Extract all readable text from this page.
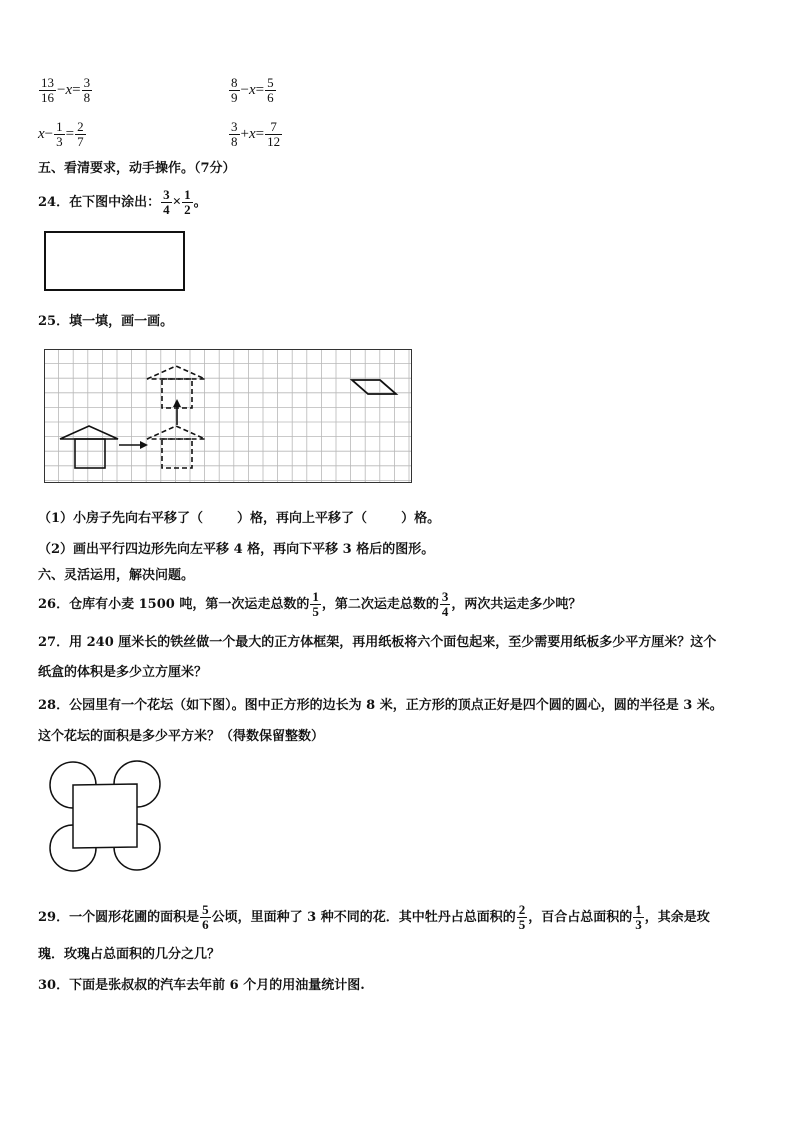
$\frac{13}{16} -x= \frac{3}{8}$	$\frac{8}{9} -x= \frac{5}{6}$
$x- \frac{1}{3} = \frac{2}{7}$	$\frac{3}{8} +x= \frac{7}{12}$
五、看清要求，动手操作。（7分）
24．在下图中涂出： $\frac{3}{4} \times \frac{1}{2}$ 。
25．填一填，画一画。
（1）小房子先向右平移了（	）格，再向上平移了（	）格。
（2）画出平行四边形先向左平移 4 格，再向下平移 3 格后的图形。
六、灵活运用，解决问题。
26．仓库有小麦 1500 吨，第一次运走总数的 $\frac{1}{5}$ ，第二次运走总数的 $\frac{3}{4}$ ，两次共运走多少吨？
27．用 240 厘米长的铁丝做一个最大的正方体框架，再用纸板将六个面包起来，至少需要用纸板多少平方厘米？这个
纸盒的体积是多少立方厘米？
28．公园里有一个花坛（如下图）。图中正方形的边长为 8 米，正方形的顶点正好是四个圆的圆心，圆的半径是 3 米。
这个花坛的面积是多少平方米？（得数保留整数）
29．一个圆形花圃的面积是 $\frac{5}{6}$ 公顷，里面种了 3 种不同的花．其中牡丹占总面积的 $\frac{2}{5}$ ，百合占总面积的 $\frac{1}{3}$ ，其余是玫
瑰．玫瑰占总面积的几分之几？
30．下面是张叔叔的汽车去年前 6 个月的用油量统计图.
